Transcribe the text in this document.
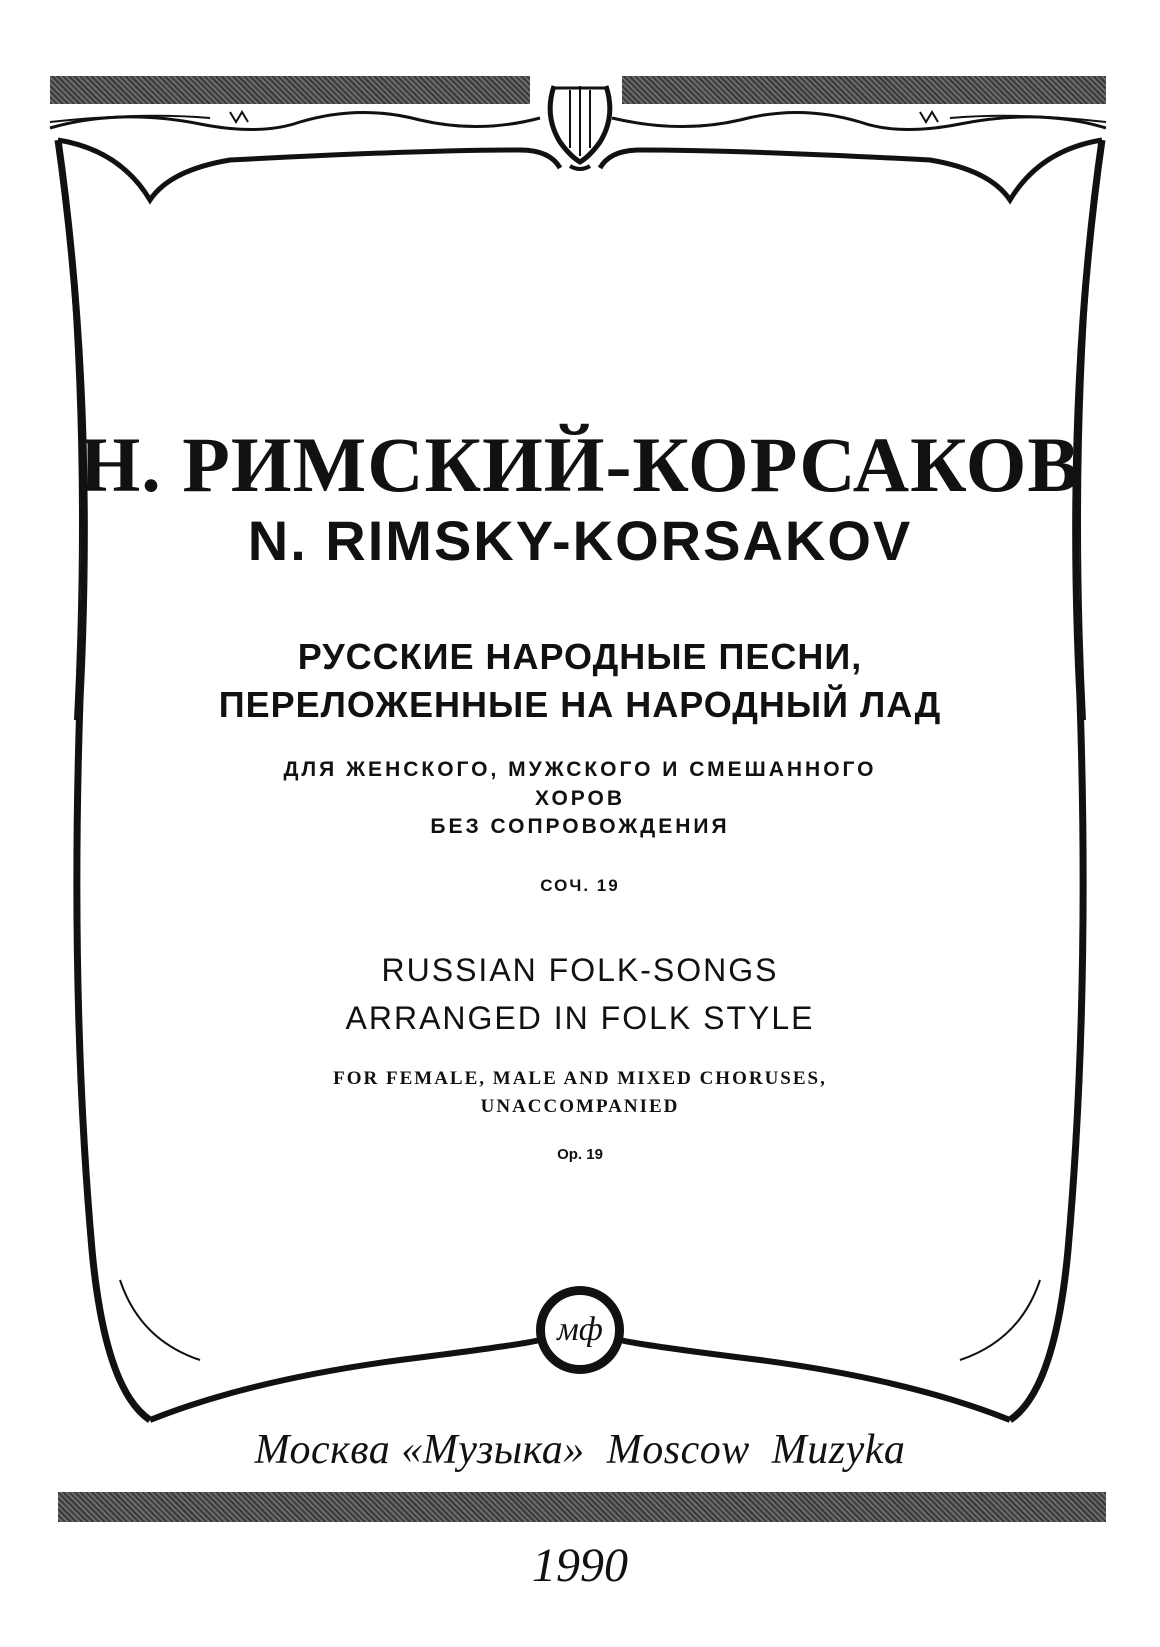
Н. РИМСКИЙ-КОРСАКОВ
N. RIMSKY-KORSAKOV
РУССКИЕ НАРОДНЫЕ ПЕСНИ,
ПЕРЕЛОЖЕННЫЕ НА НАРОДНЫЙ ЛАД
ДЛЯ ЖЕНСКОГО, МУЖСКОГО И СМЕШАННОГО
ХОРОВ
БЕЗ СОПРОВОЖДЕНИЯ
СОЧ. 19
RUSSIAN FOLK-SONGS
ARRANGED IN FOLK STYLE
FOR FEMALE, MALE AND MIXED CHORUSES,
UNACCOMPANIED
Op. 19
мф
Москва «Музыка»  Moscow  Muzyka
1990
